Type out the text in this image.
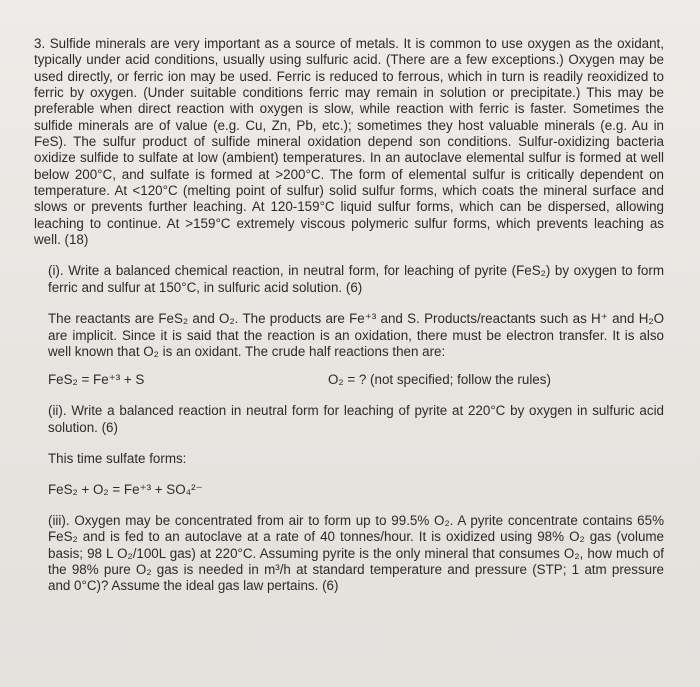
3. Sulfide minerals are very important as a source of metals. It is common to use oxygen as the oxidant, typically under acid conditions, usually using sulfuric acid. (There are a few exceptions.) Oxygen may be used directly, or ferric ion may be used. Ferric is reduced to ferrous, which in turn is readily reoxidized to ferric by oxygen. (Under suitable conditions ferric may remain in solution or precipitate.) This may be preferable when direct reaction with oxygen is slow, while reaction with ferric is faster. Sometimes the sulfide minerals are of value (e.g. Cu, Zn, Pb, etc.); sometimes they host valuable minerals (e.g. Au in FeS). The sulfur product of sulfide mineral oxidation depend son conditions. Sulfur-oxidizing bacteria oxidize sulfide to sulfate at low (ambient) temperatures. In an autoclave elemental sulfur is formed at well below 200°C, and sulfate is formed at >200°C. The form of elemental sulfur is critically dependent on temperature. At <120°C (melting point of sulfur) solid sulfur forms, which coats the mineral surface and slows or prevents further leaching. At 120-159°C liquid sulfur forms, which can be dispersed, allowing leaching to continue. At >159°C extremely viscous polymeric sulfur forms, which prevents leaching as well. (18)

(i). Write a balanced chemical reaction, in neutral form, for leaching of pyrite (FeS₂) by oxygen to form ferric and sulfur at 150°C, in sulfuric acid solution. (6)

The reactants are FeS₂ and O₂. The products are Fe⁺³ and S. Products/reactants such as H⁺ and H₂O are implicit. Since it is said that the reaction is an oxidation, there must be electron transfer. It is also well known that O₂ is an oxidant. The crude half reactions then are:

FeS₂ = Fe⁺³ + S	O₂ = ? (not specified; follow the rules)

(ii). Write a balanced reaction in neutral form for leaching of pyrite at 220°C by oxygen in sulfuric acid solution. (6)

This time sulfate forms:
FeS₂ + O₂ = Fe⁺³ + SO₄²⁻

(iii). Oxygen may be concentrated from air to form up to 99.5% O₂. A pyrite concentrate contains 65% FeS₂ and is fed to an autoclave at a rate of 40 tonnes/hour. It is oxidized using 98% O₂ gas (volume basis; 98 L O₂/100L gas) at 220°C. Assuming pyrite is the only mineral that consumes O₂, how much of the 98% pure O₂ gas is needed in m³/h at standard temperature and pressure (STP; 1 atm pressure and 0°C)? Assume the ideal gas law pertains. (6)
